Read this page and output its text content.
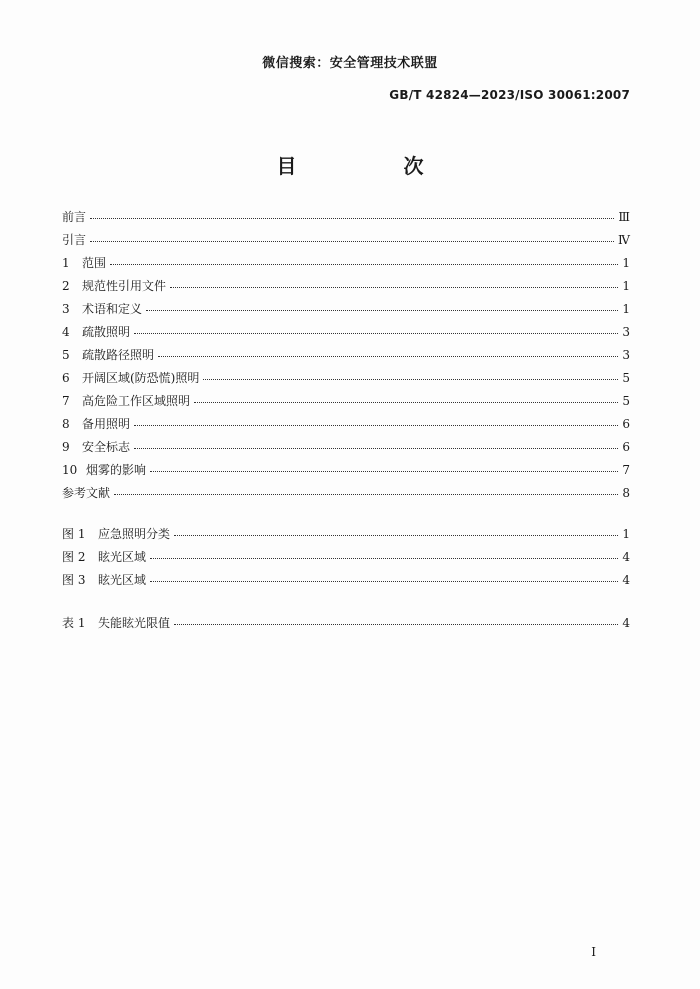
微信搜索：安全管理技术联盟
GB/T 42824—2023/ISO 30061:2007
目 次
前言	Ⅲ
引言	Ⅳ
1 范围	1
2 规范性引用文件	1
3 术语和定义	1
4 疏散照明	3
5 疏散路径照明	3
6 开阔区域(防恐慌)照明	5
7 高危险工作区域照明	5
8 备用照明	6
9 安全标志	6
10 烟雾的影响	7
参考文献	8
图 1 应急照明分类	1
图 2 眩光区域	4
图 3 眩光区域	4
表 1 失能眩光限值	4
Ⅰ
